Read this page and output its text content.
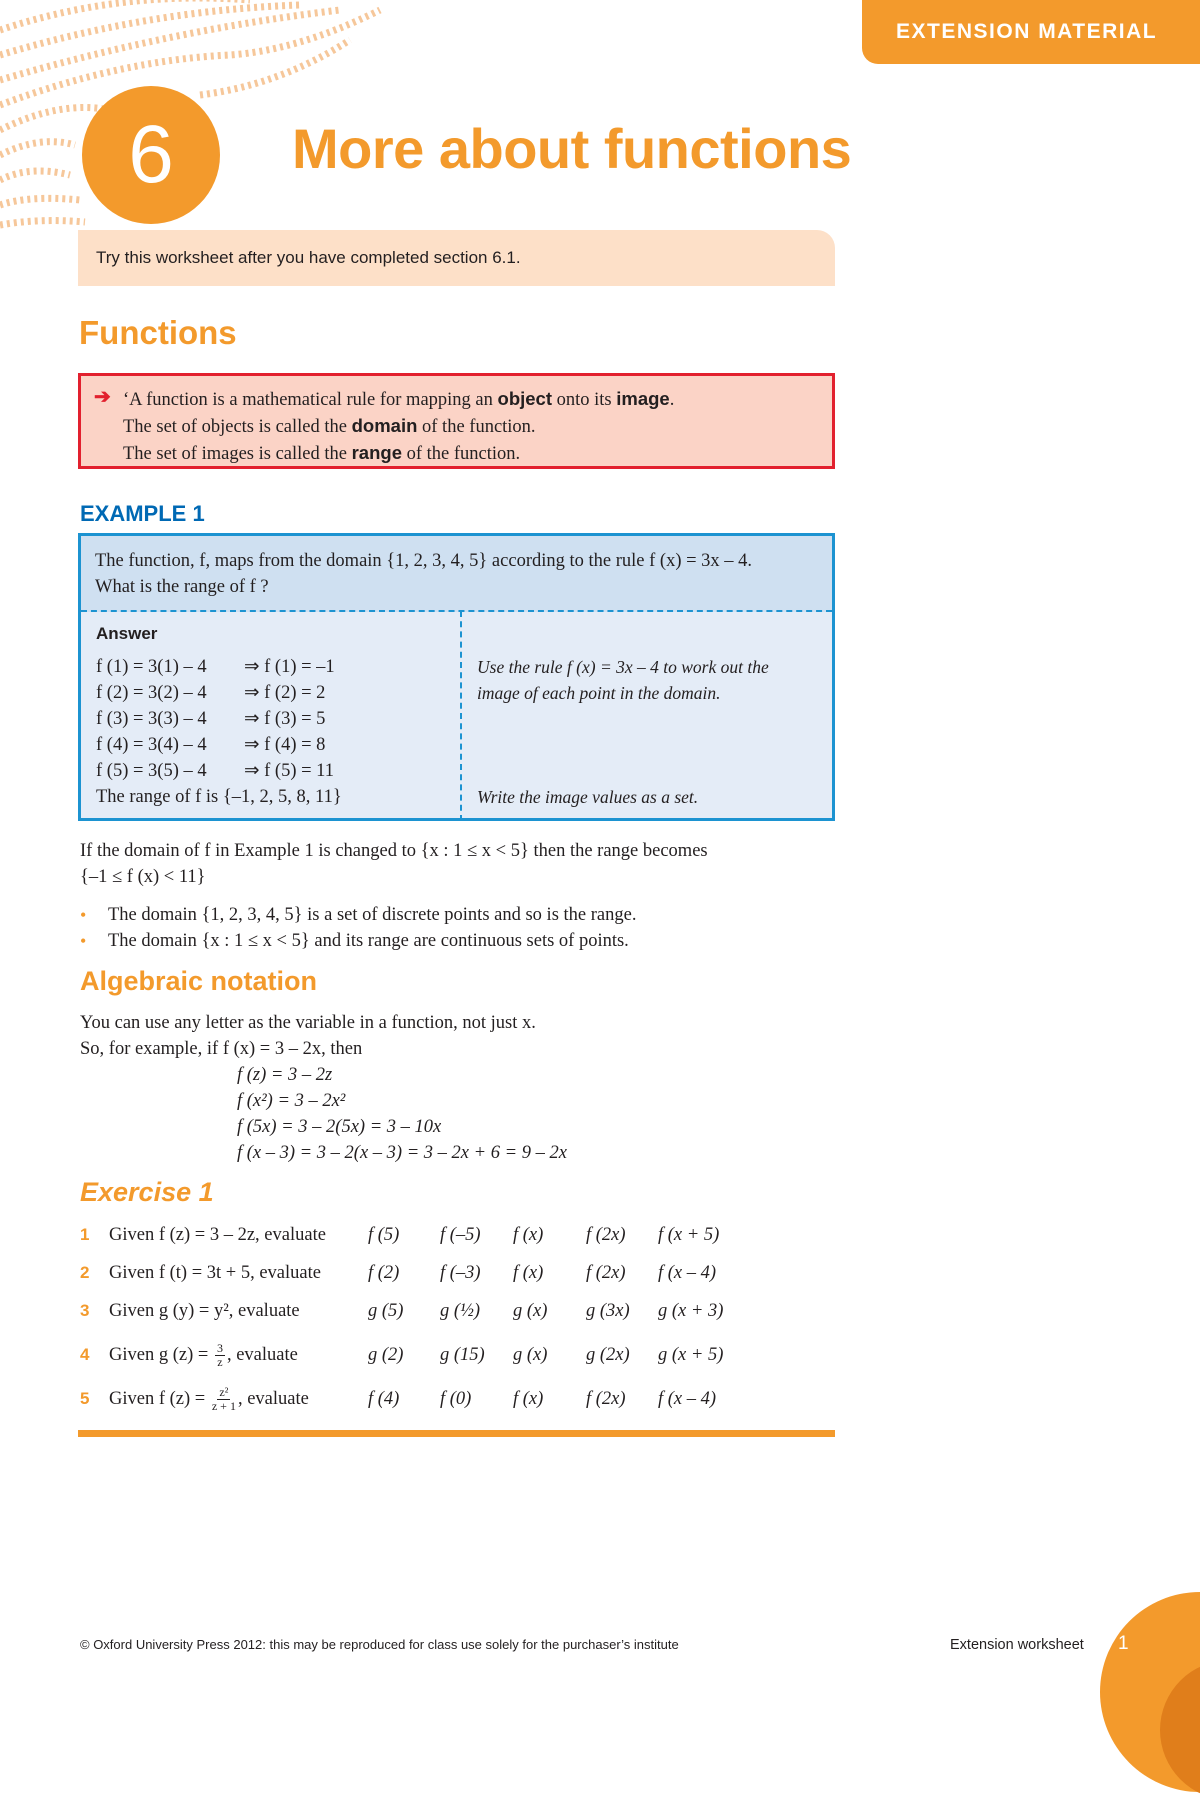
EXTENSION MATERIAL
6	More about functions
Try this worksheet after you have completed section 6.1.
Functions
➔ ‘A function is a mathematical rule for mapping an object onto its image.
The set of objects is called the domain of the function.
The set of images is called the range of the function.
EXAMPLE 1
The function, f, maps from the domain {1, 2, 3, 4, 5} according to the rule f (x) = 3x – 4.
What is the range of f ?
Answer
f (1) = 3(1) – 4	⇒ f (1) = –1
f (2) = 3(2) – 4	⇒ f (2) = 2
f (3) = 3(3) – 4	⇒ f (3) = 5
f (4) = 3(4) – 4	⇒ f (4) = 8
f (5) = 3(5) – 4	⇒ f (5) = 11
The range of f is {–1, 2, 5, 8, 11}
Use the rule f (x) = 3x – 4 to work out the
image of each point in the domain.
Write the image values as a set.
If the domain of f in Example 1 is changed to {x : 1 ≤ x < 5} then the range becomes
{–1 ≤ f (x) < 11}
•	The domain {1, 2, 3, 4, 5} is a set of discrete points and so is the range.
•	The domain {x : 1 ≤ x < 5} and its range are continuous sets of points.
Algebraic notation
You can use any letter as the variable in a function, not just x.
So, for example, if f (x) = 3 – 2x, then
f (z) = 3 – 2z
f (x²) = 3 – 2x²
f (5x) = 3 – 2(5x) = 3 – 10x
f (x – 3) = 3 – 2(x – 3) = 3 – 2x + 6 = 9 – 2x
Exercise 1
1	Given f (z) = 3 – 2z, evaluate	f (5) f (–5) f (x) f (2x) f (x + 5)
2	Given f (t) = 3t + 5, evaluate	f (2) f (–3) f (x) f (2x) f (x – 4)
3	Given g (y) = y², evaluate	g (5) g (½) g (x) g (3x) g (x + 3)
4	Given g $(z) = \frac{3}{z}$ , evaluate	g (2) g (15) g (x) g (2x) g (x + 5)
5	Given f $(z) = \frac{\text{z²}}{z + 1}$ , evaluate	f (4) f (0) f (x) f (2x) f (x – 4)
© Oxford University Press 2012: this may be reproduced for class use solely for the purchaser’s institute	Extension worksheet 1
